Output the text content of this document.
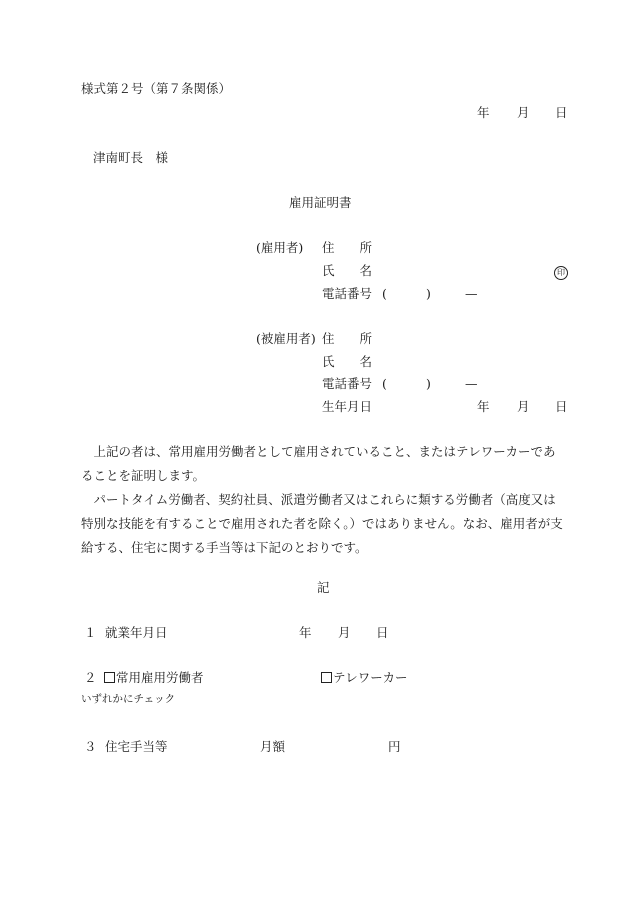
様式第２号（第７条関係）
年 月 日
津南町長　様
雇用証明書
(雇用者) 住　　所
氏　　名	印
電話番号 (	)	—
(被雇用者) 住　　所
氏　　名
電話番号 (	)	—
生年月日	年 月 日
　上記の者は、常用雇用労働者として雇用されていること、またはテレワーカーであることを証明します。
　パートタイム労働者、契約社員、派遣労働者又はこれらに類する労働者（高度又は特別な技能を有することで雇用された者を除く。）ではありません。なお、雇用者が支給する、住宅に関する手当等は下記のとおりです。
記
１ 就業年月日	年 月 日
２	常用雇用労働者	テレワーカー
いずれかにチェック
３ 住宅手当等	月額	円
